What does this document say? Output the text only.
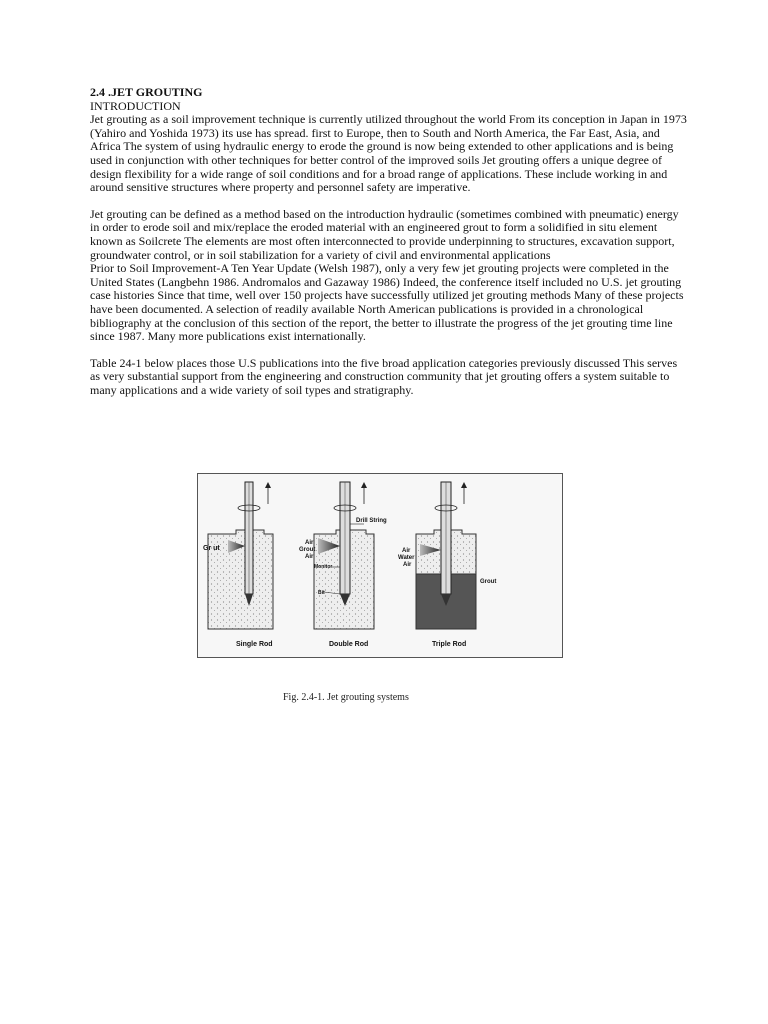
2.4 .JET GROUTING
INTRODUCTION

Jet grouting as a soil improvement technique is currently utilized throughout the world From its conception in Japan in 1973 (Yahiro and Yoshida 1973) its use has spread. first to Europe, then to South and North America, the Far East, Asia, and Africa The system of using hydraulic energy to erode the ground is now being extended to other applications and is being used in conjunction with other techniques for better control of the improved soils Jet grouting offers a unique degree of design flexibility for a wide range of soil conditions and for a broad range of applications. These include working in and around sensitive structures where property and personnel safety are imperative.

Jet grouting can be defined as a method based on the introduction hydraulic (sometimes combined with pneumatic) energy in order to erode soil and mix/replace the eroded material with an engineered grout to form a solidified in situ element known as Soilcrete The elements are most often interconnected to provide underpinning to structures, excavation support, groundwater control, or in soil stabilization for a variety of civil and environmental applications

Prior to Soil Improvement-A Ten Year Update (Welsh 1987), only a very few jet grouting projects were completed in the United States (Langbehn 1986. Andromalos and Gazaway 1986) Indeed, the conference itself included no U.S. jet grouting case histories Since that time, well over 150 projects have successfully utilized jet grouting methods Many of these projects have been documented. A selection of readily available North American publications is provided in a chronological bibliography at the conclusion of this section of the report, the better to illustrate the progress of the jet grouting time line since 1987. Many more publications exist internationally.

Table 24-1 below places those U.S publications into the five broad application categories previously discussed This serves as very substantial support from the engineering and construction community that jet grouting offers a system suitable to many applications and a wide variety of soil types and stratigraphy.

Gr ut
Single Rod
Air
Grout
Air
Drill String
Monitor
Bit
Double Rod
Air
Water
Air
Grout
Triple Rod
Fig. 2.4-1. Jet grouting systems
